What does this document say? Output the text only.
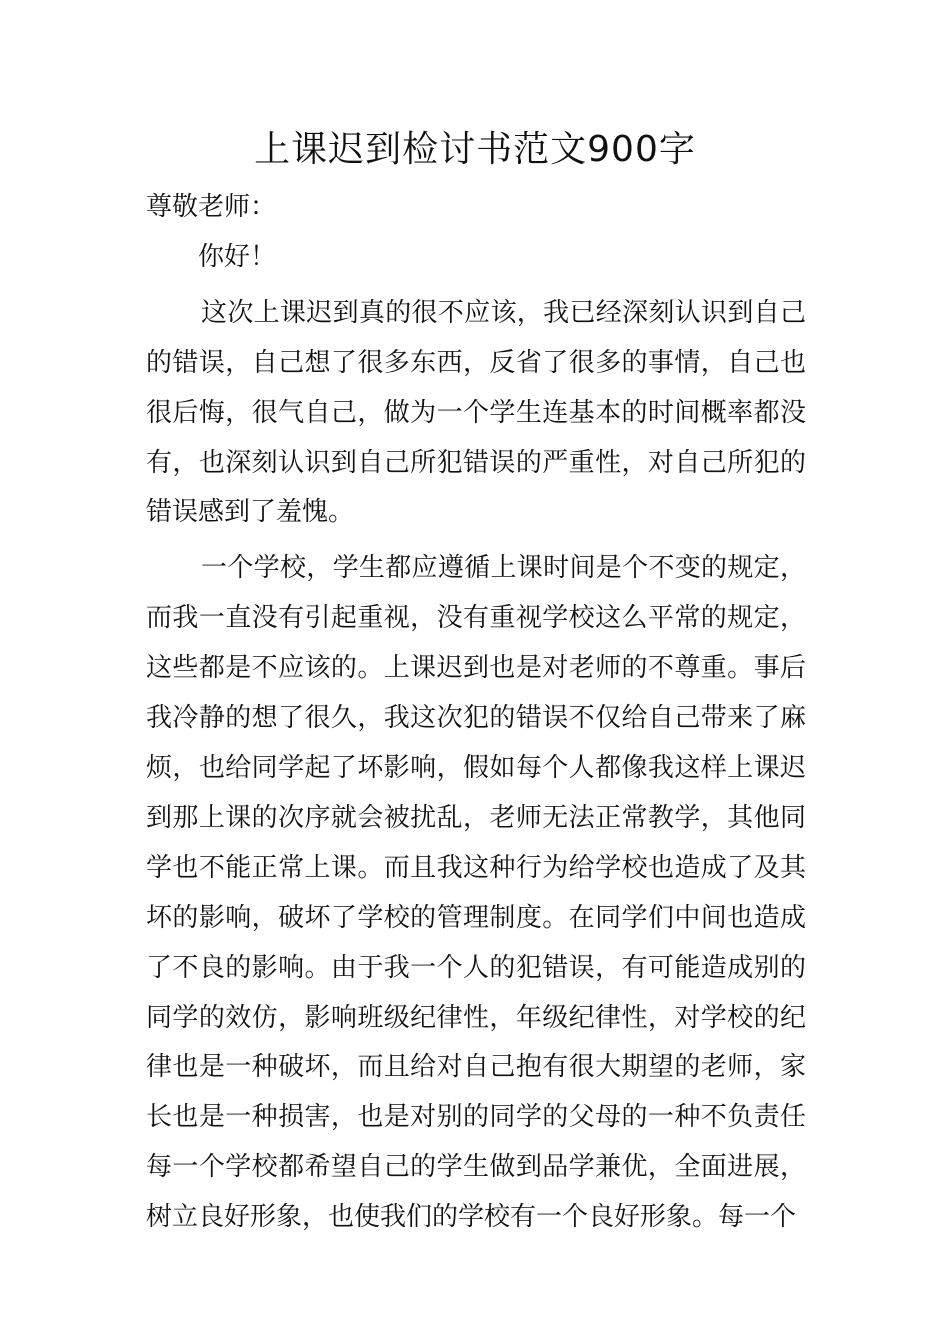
上课迟到检讨书范文900字

尊敬老师：

你好！

这次上课迟到真的很不应该，我已经深刻认识到自己的错误，自己想了很多东西，反省了很多的事情，自己也很后悔，很气自己，做为一个学生连基本的时间概率都没有，也深刻认识到自己所犯错误的严重性，对自己所犯的错误感到了羞愧。

一个学校，学生都应遵循上课时间是个不变的规定，而我一直没有引起重视，没有重视学校这么平常的规定，这些都是不应该的。上课迟到也是对老师的不尊重。事后我冷静的想了很久，我这次犯的错误不仅给自己带来了麻烦，也给同学起了坏影响，假如每个人都像我这样上课迟到那上课的次序就会被扰乱，老师无法正常教学，其他同学也不能正常上课。而且我这种行为给学校也造成了及其坏的影响，破坏了学校的管理制度。在同学们中间也造成了不良的影响。由于我一个人的犯错误，有可能造成别的同学的效仿，影响班级纪律性，年级纪律性，对学校的纪律也是一种破坏，而且给对自己抱有很大期望的老师，家长也是一种损害，也是对别的同学的父母的一种不负责任每一个学校都希望自己的学生做到品学兼优，全面进展，树立良好形象，也使我们的学校有一个良好形象。每一个
